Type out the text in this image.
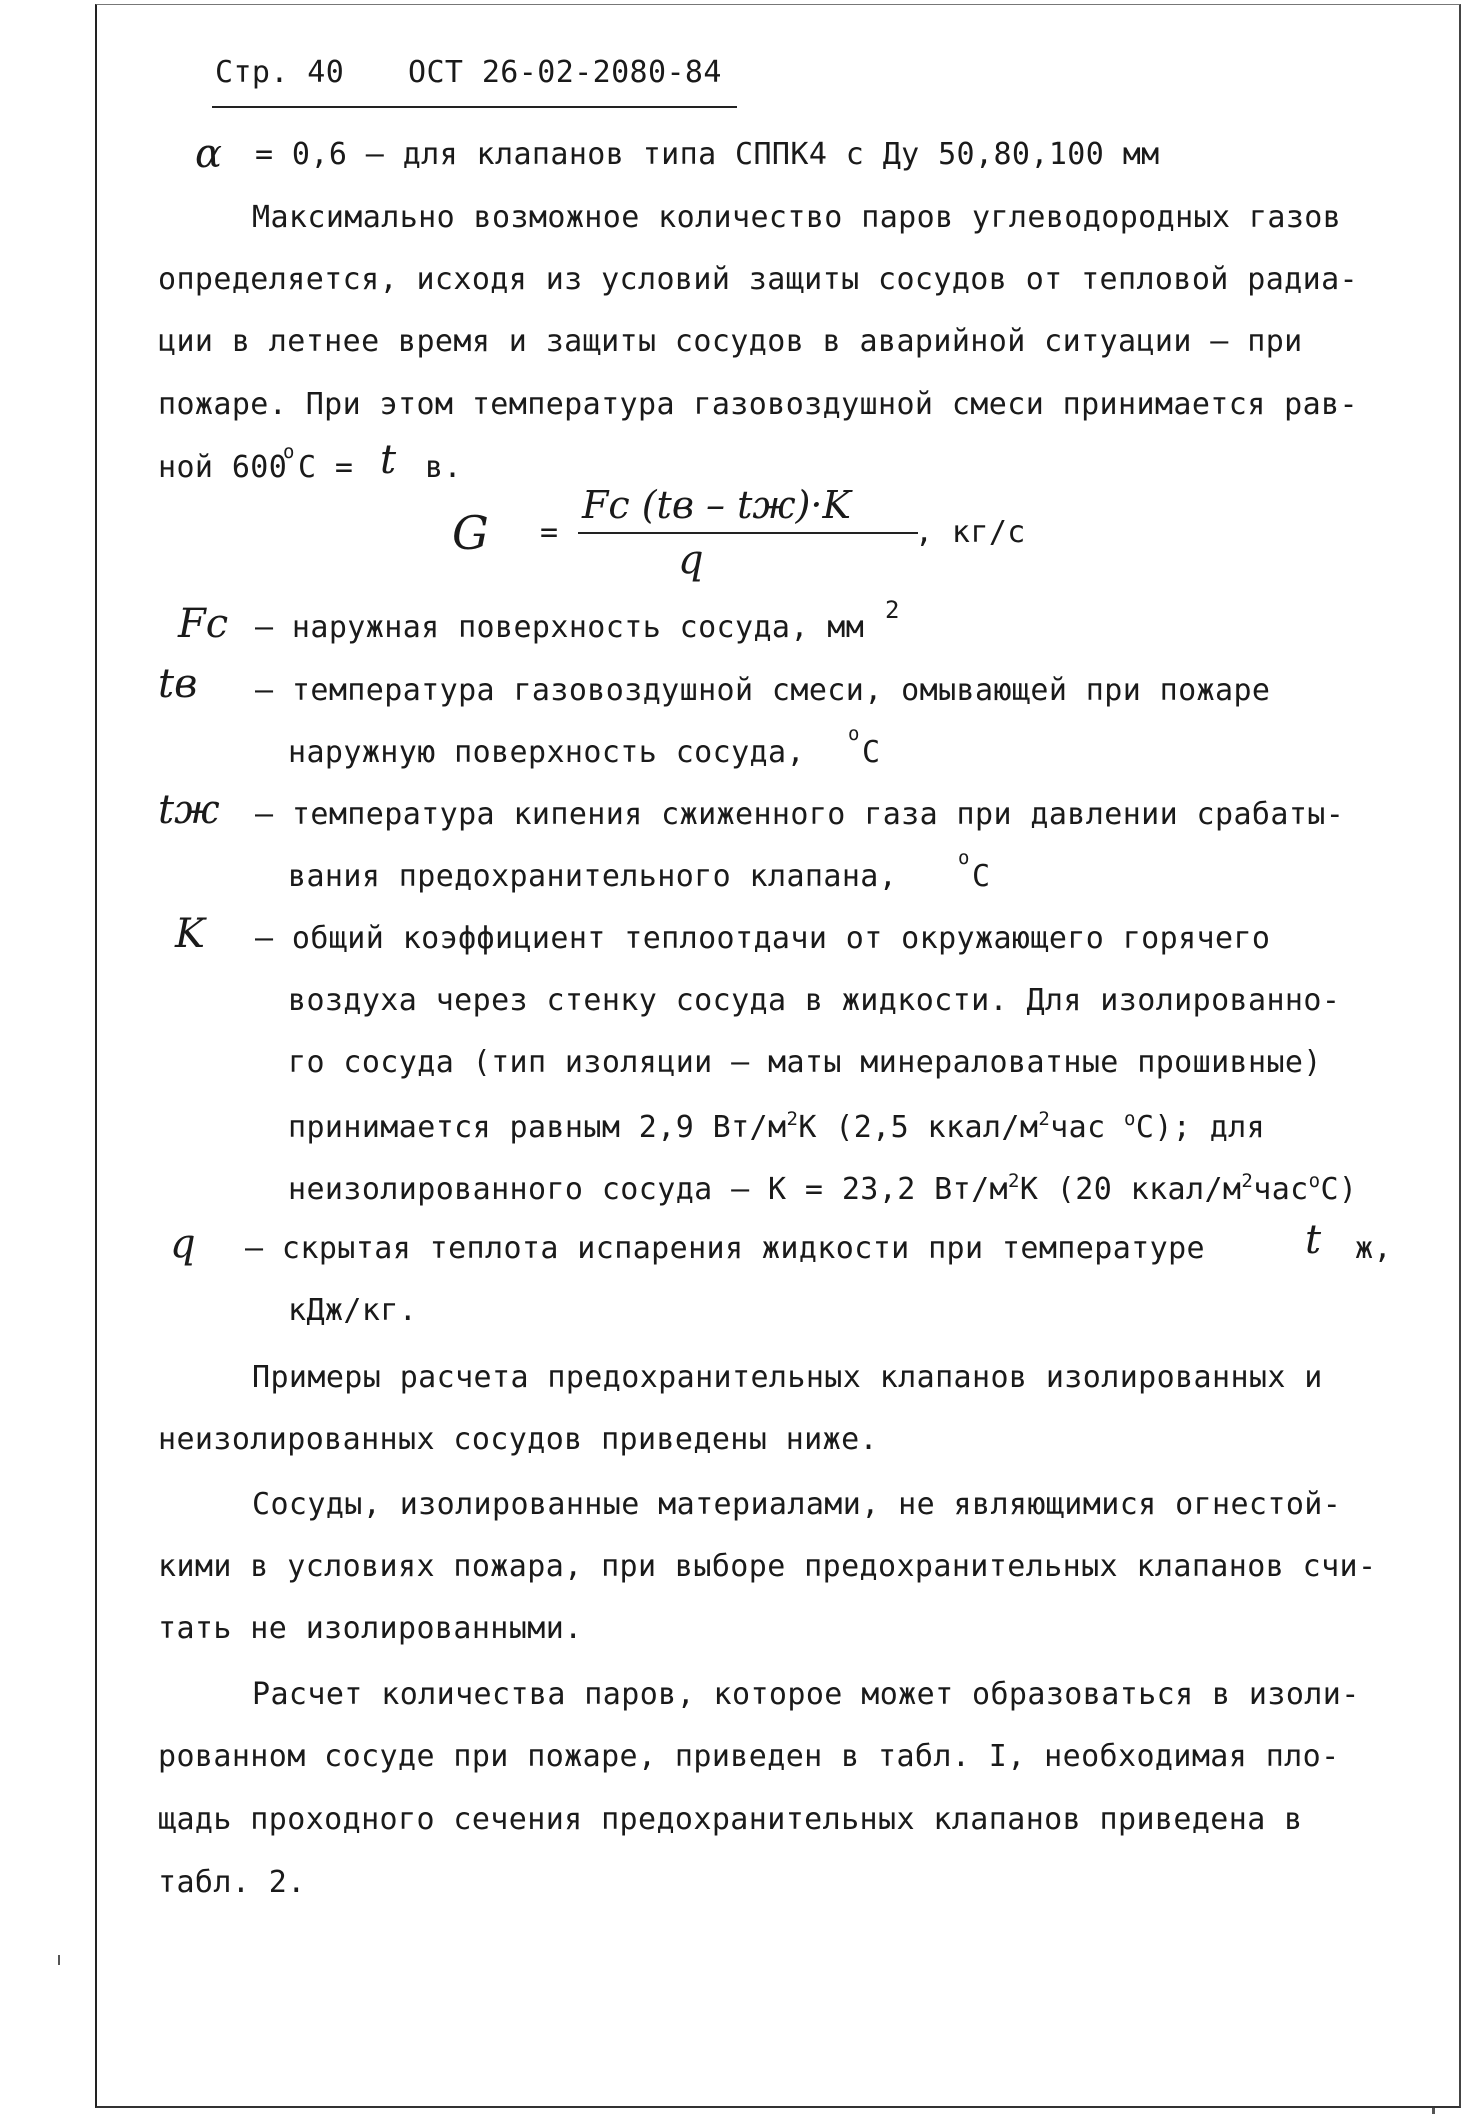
Стр. 40 ОСТ 26-02-2080-84
α = 0,6 – для клапанов типа СППК4 с Ду 50,80,100 мм
Максимально возможное количество паров углеводородных газов
определяется, исходя из условий защиты сосудов от тепловой радиа-
ции в летнее время и защиты сосудов в аварийной ситуации – при
пожаре. При этом температура газовоздушной смеси принимается рав-
ной 600
о С = t в.
G =
Fc (tв – tж)·K
q
, кг/с
Fc – наружная поверхность сосуда, мм 2
tв – температура газовоздушной смеси, омывающей при пожаре
наружную поверхность сосуда,
о
С
tж – температура кипения сжиженного газа при давлении срабаты-
вания предохранительного клапана,
о
С
K – общий коэффициент теплоотдачи от окружающего горячего
воздуха через стенку сосуда в жидкости. Для изолированно-
го сосуда (тип изоляции – маты минераловатные прошивные)
принимается равным 2,9 $Вт/м^2К$ (2,5 ккал/$м^2час$ $^о$С); для
неизолированного сосуда – К = 23,2 $Вт/м^2К$ (20 ккал/$м^2час^оС$)
q – скрытая теплота испарения жидкости при температуре	t ж,
кДж/кг.
Примеры расчета предохранительных клапанов изолированных и
неизолированных сосудов приведены ниже.
Сосуды, изолированные материалами, не являющимися огнестой-
кими в условиях пожара, при выборе предохранительных клапанов счи-
тать не изолированными.
Расчет количества паров, которое может образоваться в изоли-
рованном сосуде при пожаре, приведен в табл. I, необходимая пло-
щадь проходного сечения предохранительных клапанов приведена в
табл. 2.
